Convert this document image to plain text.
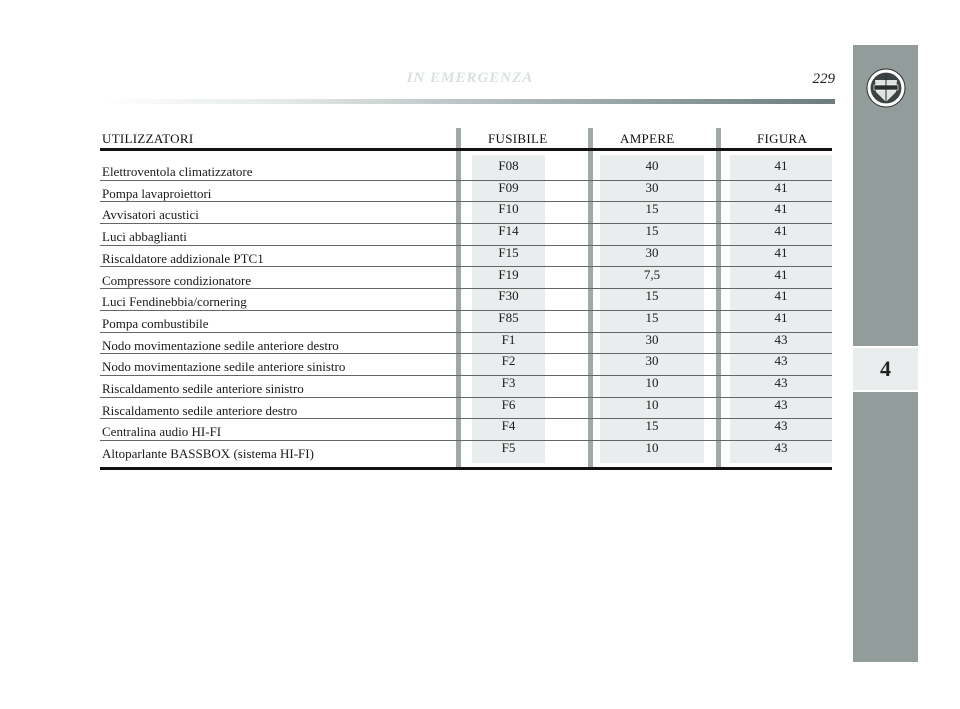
IN EMERGENZA	229
4
UTILIZZATORI	FUSIBILE	AMPERE	FIGURA
Elettroventola climatizzatore	F08	40	41
Pompa lavaproiettori	F09	30	41
Avvisatori acustici	F10	15	41
Luci abbaglianti	F14	15	41
Riscaldatore addizionale PTC1	F15	30	41
Compressore condizionatore	F19	7,5	41
Luci Fendinebbia/cornering	F30	15	41
Pompa combustibile	F85	15	41
Nodo movimentazione sedile anteriore destro	F1	30	43
Nodo movimentazione sedile anteriore sinistro	F2	30	43
Riscaldamento sedile anteriore sinistro	F3	10	43
Riscaldamento sedile anteriore destro	F6	10	43
Centralina audio HI-FI	F4	15	43
Altoparlante BASSBOX (sistema HI-FI)	F5	10	43
